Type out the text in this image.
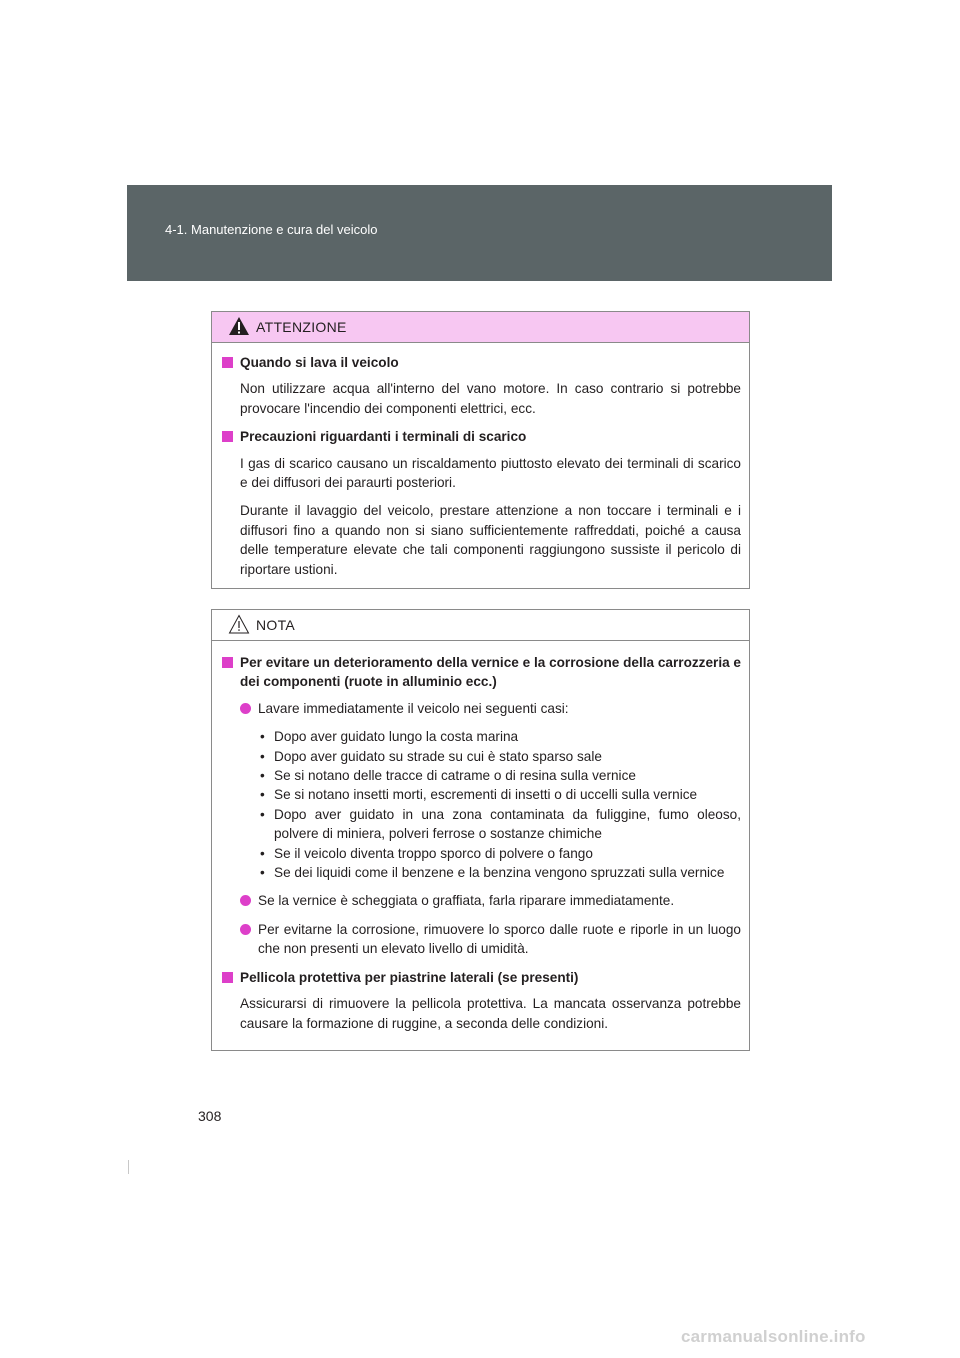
4-1. Manutenzione e cura del veicolo
ATTENZIONE
Quando si lava il veicolo
Non utilizzare acqua all'interno del vano motore. In caso contrario si potrebbe provocare l'incendio dei componenti elettrici, ecc.
Precauzioni riguardanti i terminali di scarico
I gas di scarico causano un riscaldamento piuttosto elevato dei terminali di scarico e dei diffusori dei paraurti posteriori.
Durante il lavaggio del veicolo, prestare attenzione a non toccare i terminali e i diffusori fino a quando non si siano sufficientemente raffreddati, poiché a causa delle temperature elevate che tali componenti raggiungono sussiste il pericolo di riportare ustioni.
NOTA
Per evitare un deterioramento della vernice e la corrosione della carrozzeria e dei componenti (ruote in alluminio ecc.)
Lavare immediatamente il veicolo nei seguenti casi:
• Dopo aver guidato lungo la costa marina
• Dopo aver guidato su strade su cui è stato sparso sale
• Se si notano delle tracce di catrame o di resina sulla vernice
• Se si notano insetti morti, escrementi di insetti o di uccelli sulla vernice
• Dopo aver guidato in una zona contaminata da fuliggine, fumo oleoso, polvere di miniera, polveri ferrose o sostanze chimiche
• Se il veicolo diventa troppo sporco di polvere o fango
• Se dei liquidi come il benzene e la benzina vengono spruzzati sulla vernice
Se la vernice è scheggiata o graffiata, farla riparare immediatamente.
Per evitarne la corrosione, rimuovere lo sporco dalle ruote e riporle in un luogo che non presenti un elevato livello di umidità.
Pellicola protettiva per piastrine laterali (se presenti)
Assicurarsi di rimuovere la pellicola protettiva. La mancata osservanza potrebbe causare la formazione di ruggine, a seconda delle condizioni.
308
carmanualsonline.info
